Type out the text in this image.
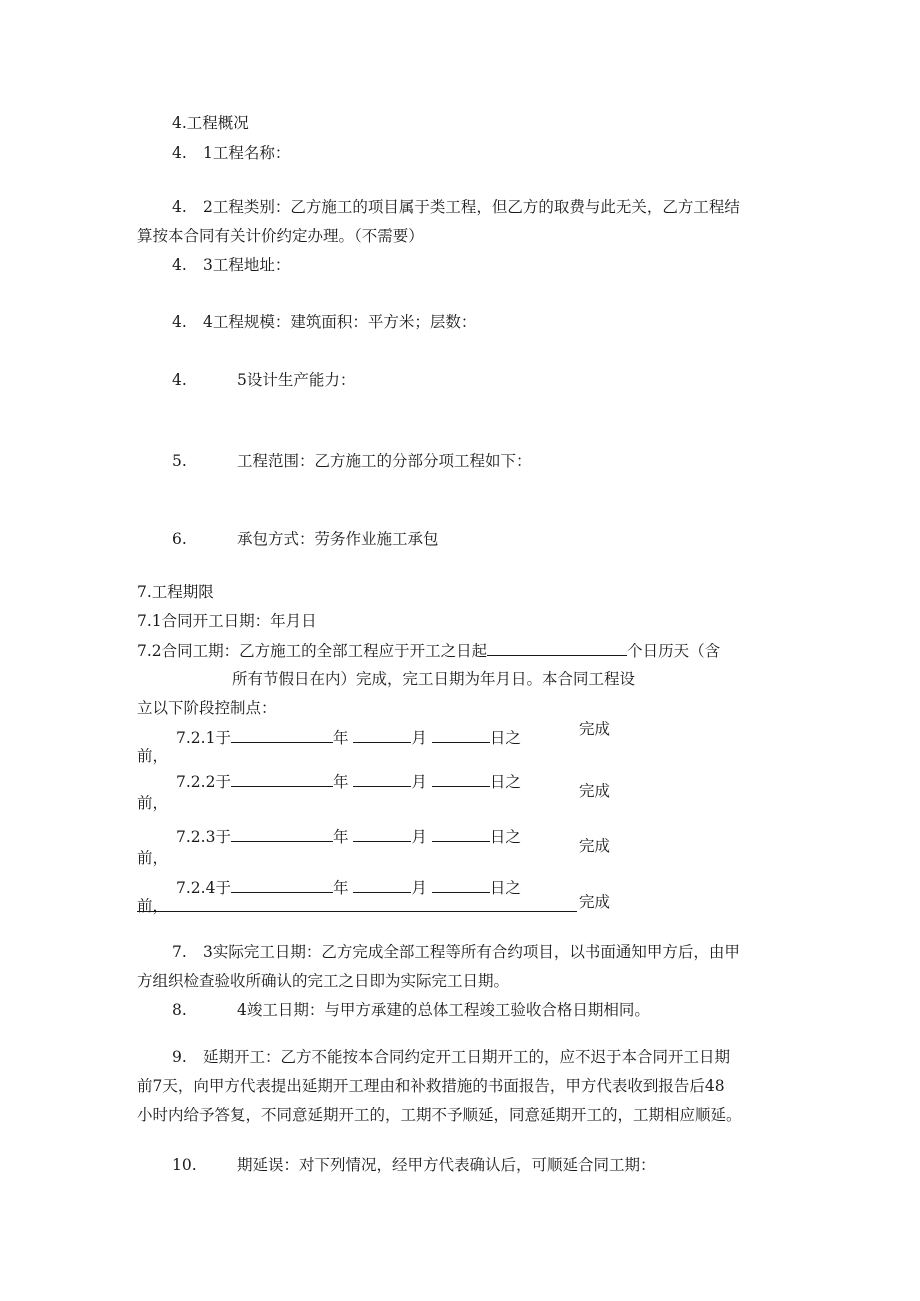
4.工程概况
4. 1工程名称：
4. 2工程类别：乙方施工的项目属于类工程，但乙方的取费与此无关，乙方工程结
算按本合同有关计价约定办理。（不需要）
4. 3工程地址：
4. 4工程规模：建筑面积：平方米；层数：
4.	5设计生产能力：
5.	工程范围：乙方施工的分部分项工程如下：
6.	承包方式：劳务作业施工承包
7.工程期限
7.1合同开工日期：年月日
7.2合同工期：乙方施工的全部工程应于开工之日起	个日历天（含
所有节假日在内）完成，完工日期为年月日。本合同工程设
立以下阶段控制点：
7.2.1于	年	月	日之	完成
前，
7.2.2于	年	月	日之	完成
前，
7.2.3于	年	月	日之	完成
前，
7.2.4于	年	月	日之
完成
前，
7. 3实际完工日期：乙方完成全部工程等所有合约项目，以书面通知甲方后，由甲
方组织检查验收所确认的完工之日即为实际完工日期。
8.	4竣工日期：与甲方承建的总体工程竣工验收合格日期相同。
9. 延期开工：乙方不能按本合同约定开工日期开工的，应不迟于本合同开工日期
前7天，向甲方代表提出延期开工理由和补救措施的书面报告，甲方代表收到报告后48
小时内给予答复，不同意延期开工的，工期不予顺延，同意延期开工的，工期相应顺延。
10.	期延误：对下列情况，经甲方代表确认后，可顺延合同工期：
